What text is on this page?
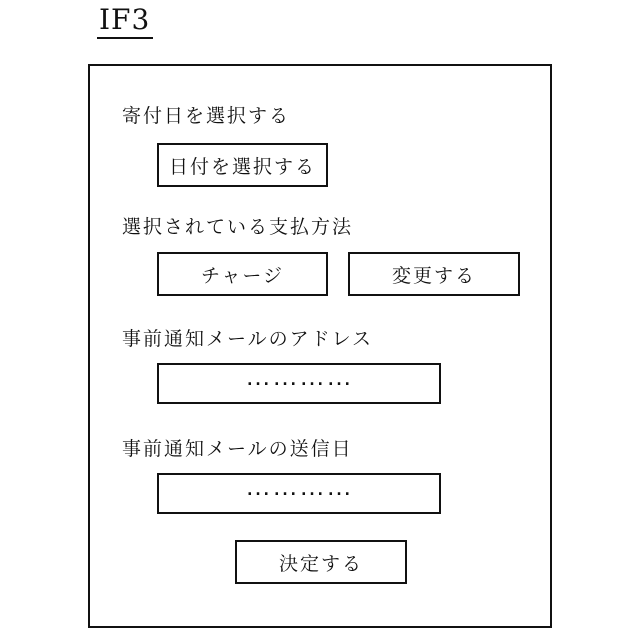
IF3
寄付日を選択する
日付を選択する
選択されている支払方法
チャージ	変更する
事前通知メールのアドレス
…………
事前通知メールの送信日
…………
決定する
